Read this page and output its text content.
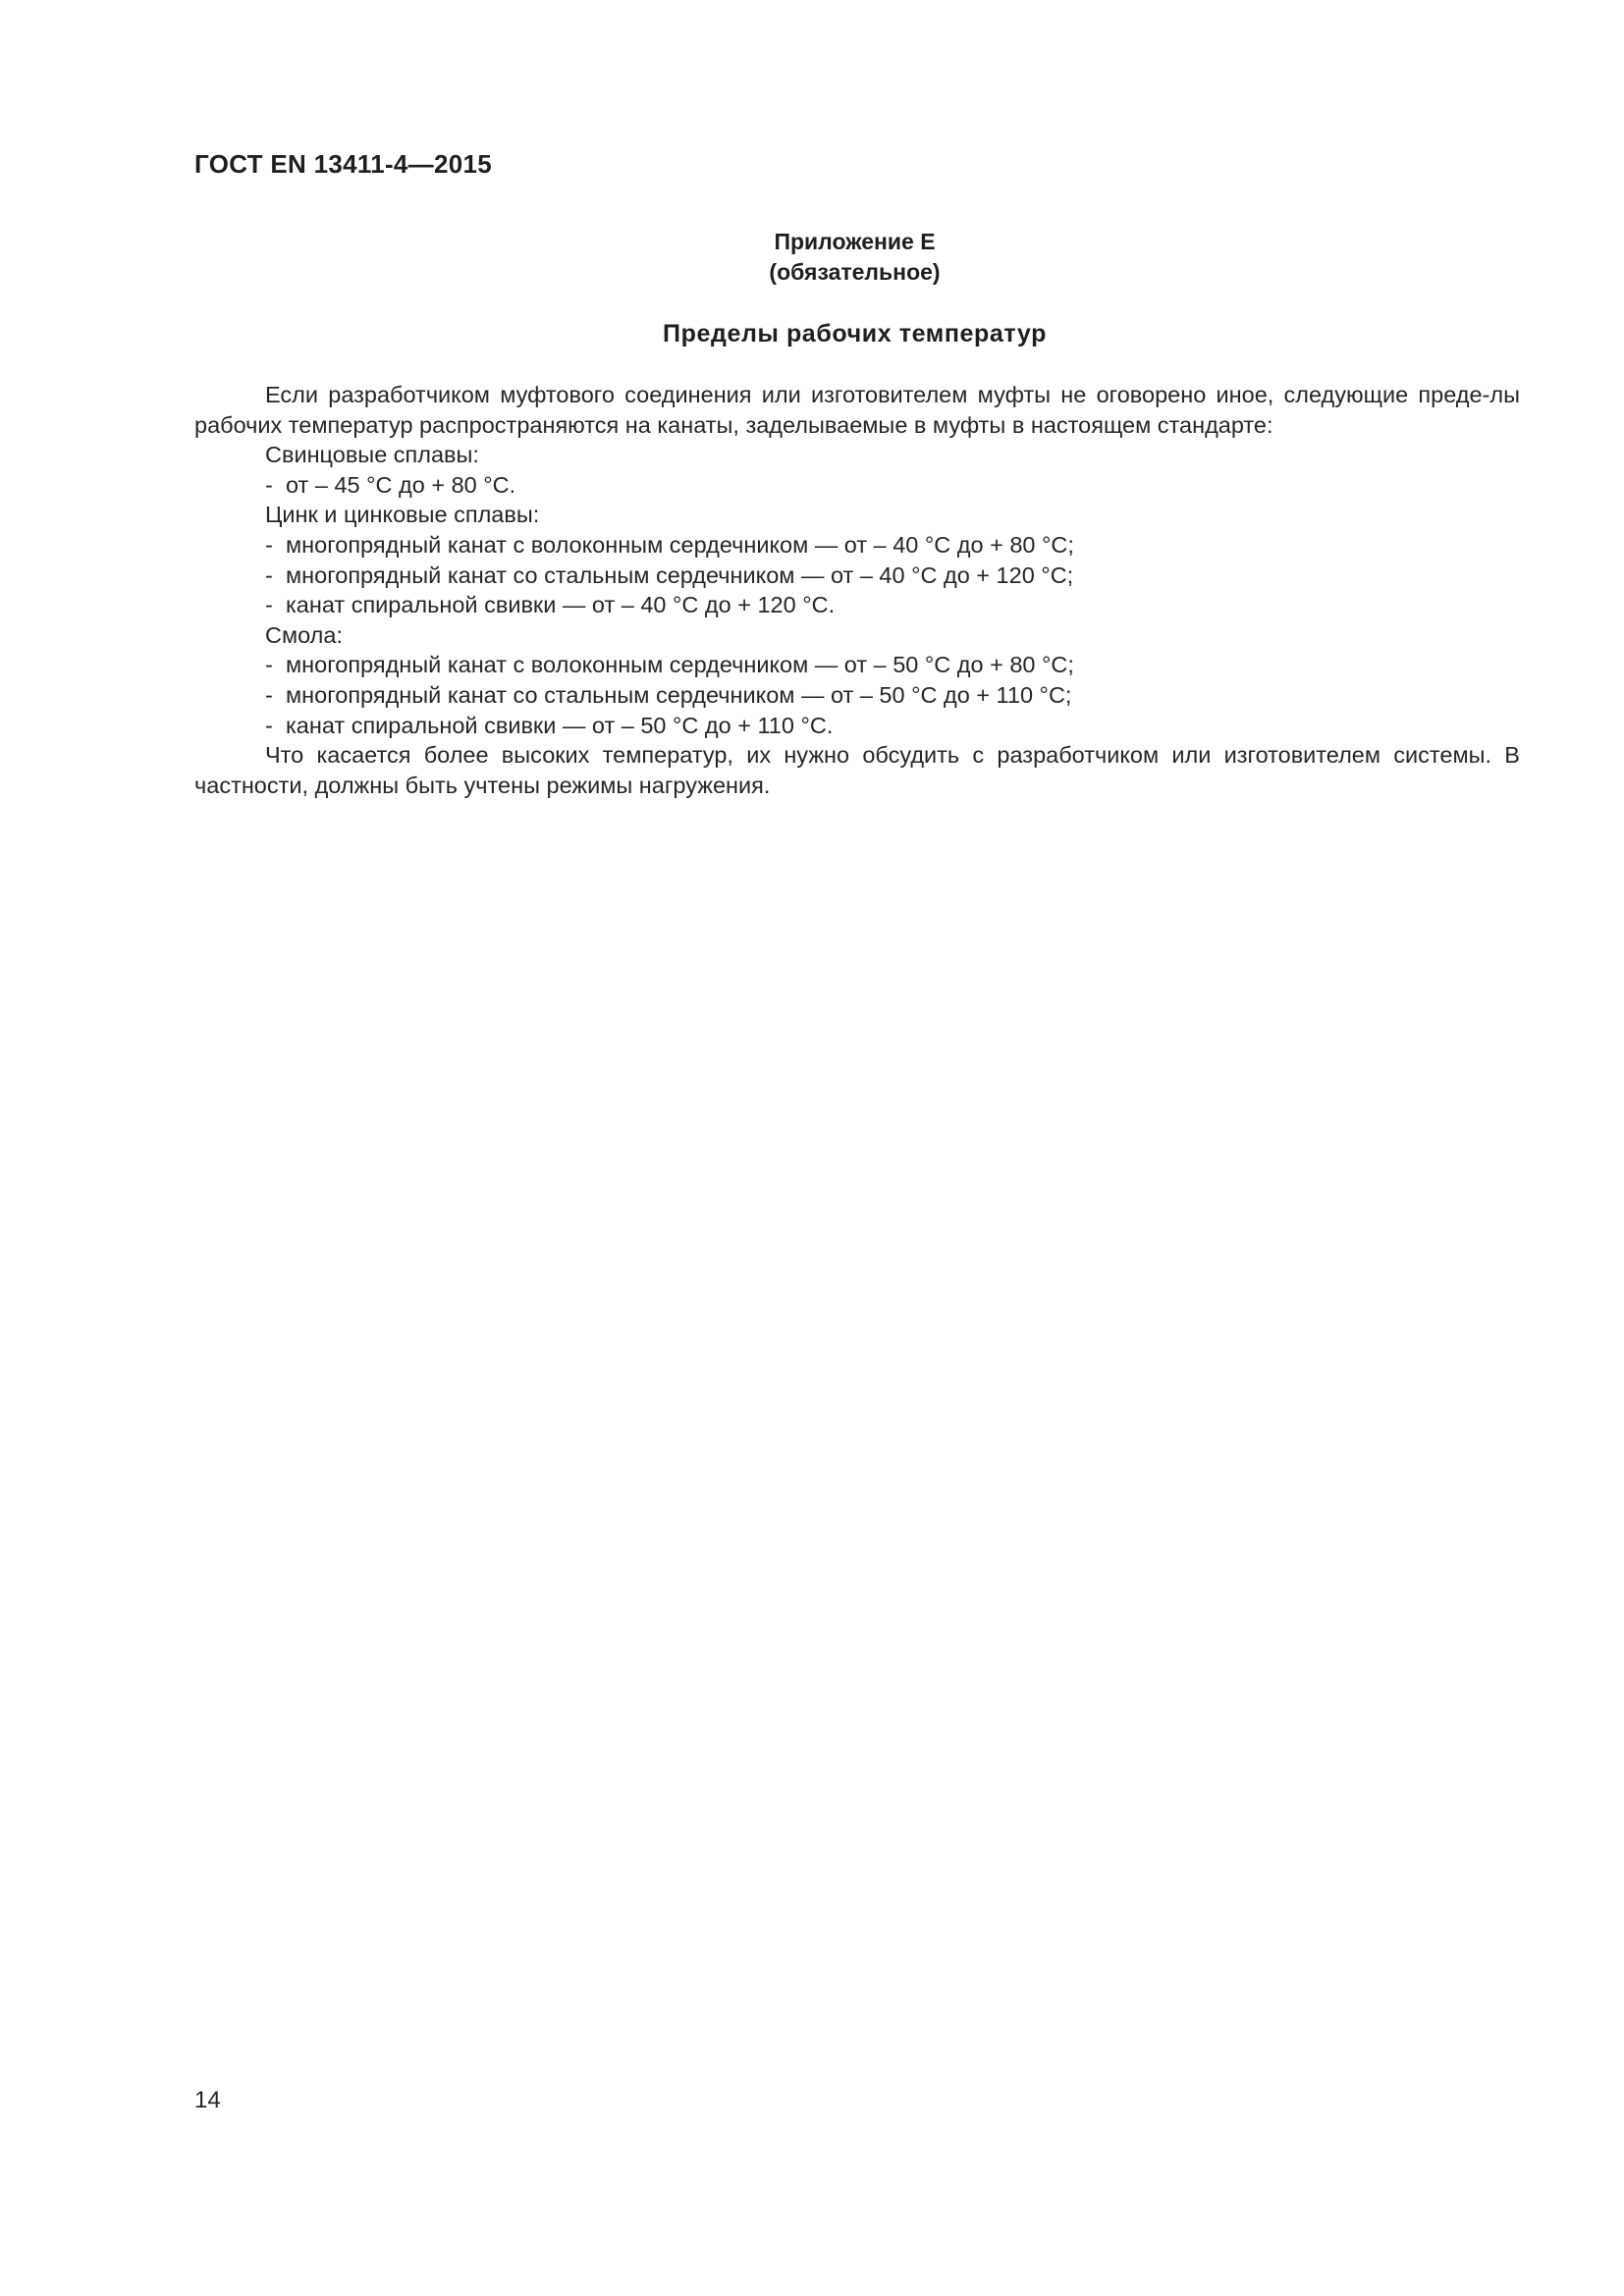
ГОСТ EN 13411-4—2015
Приложение Е
(обязательное)
Пределы рабочих температур

Если разработчиком муфтового соединения или изготовителем муфты не оговорено иное, следующие преде-лы рабочих температур распространяются на канаты, заделываемые в муфты в настоящем стандарте:

Свинцовые сплавы:

- от – 45 °С до + 80 °С.

Цинк и цинковые сплавы:

- многопрядный канат с волоконным сердечником — от – 40 °С до + 80 °С;

- многопрядный канат со стальным сердечником — от – 40 °С до + 120 °С;

- канат спиральной свивки — от – 40 °С до + 120 °С.

Смола:

- многопрядный канат с волоконным сердечником — от – 50 °С до + 80 °С;

- многопрядный канат со стальным сердечником — от – 50 °С до + 110 °С;

- канат спиральной свивки — от – 50 °С до + 110 °С.

Что касается более высоких температур, их нужно обсудить с разработчиком или изготовителем системы. В частности, должны быть учтены режимы нагружения.

14
